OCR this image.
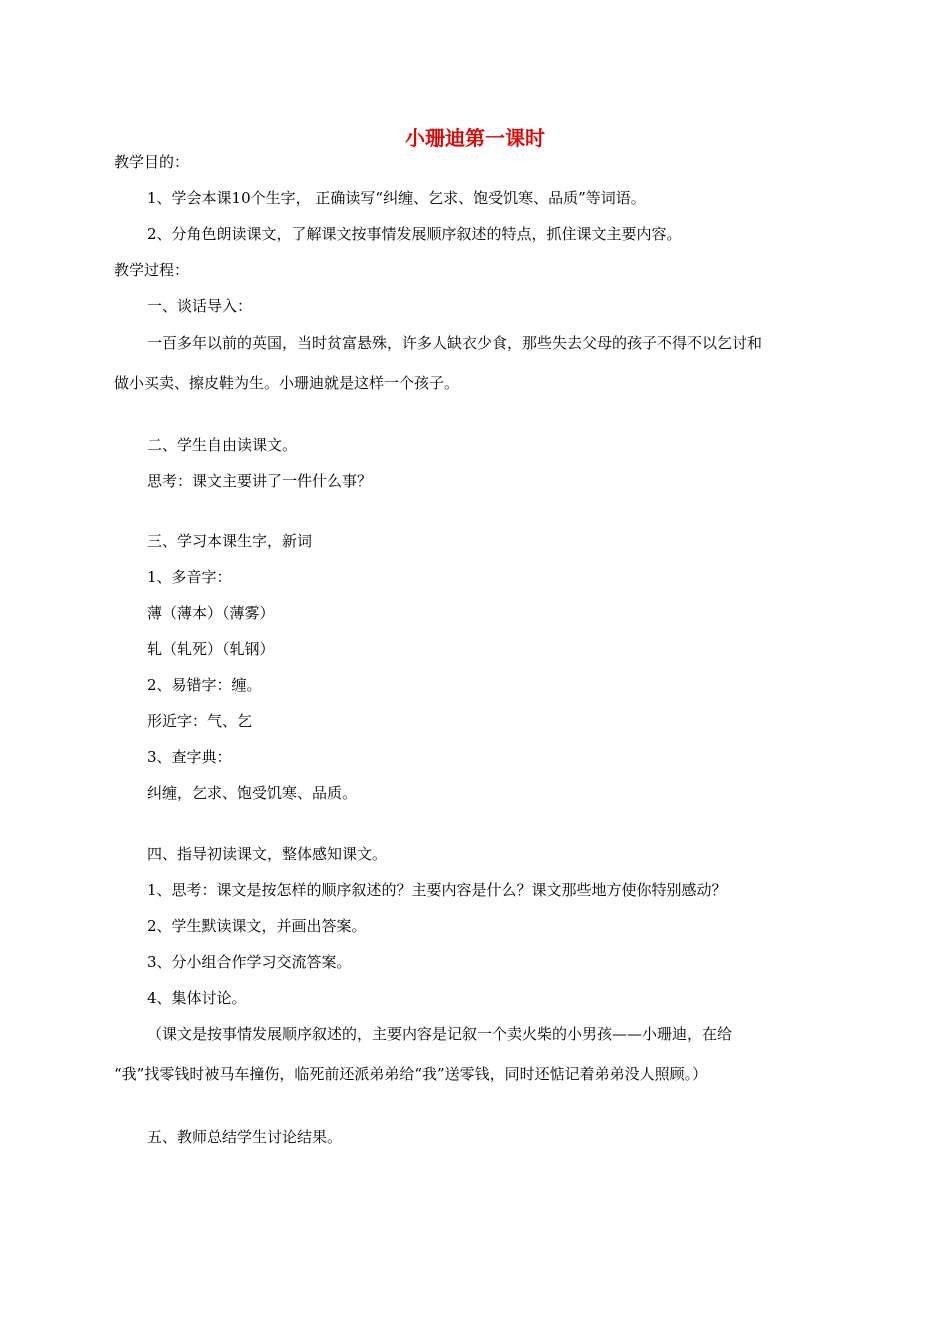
小珊迪第一课时

教学目的：

1、学会本课10个生字， 正确读写“纠缠、乞求、饱受饥寒、品质”等词语。

2、分角色朗读课文，了解课文按事情发展顺序叙述的特点，抓住课文主要内容。

教学过程：

一、谈话导入：

一百多年以前的英国，当时贫富悬殊，许多人缺衣少食，那些失去父母的孩子不得不以乞讨和

做小买卖、擦皮鞋为生。小珊迪就是这样一个孩子。

二、学生自由读课文。

思考：课文主要讲了一件什么事？

三、学习本课生字，新词

1、多音字：

薄（薄本）（薄雾）

轧（轧死）（轧钢）

2、易错字：缠。

形近字：气、乞

3、查字典：

纠缠，乞求、饱受饥寒、品质。

四、指导初读课文，整体感知课文。

1、思考：课文是按怎样的顺序叙述的？主要内容是什么？课文那些地方使你特别感动？

2、学生默读课文，并画出答案。

3、分小组合作学习交流答案。

4、集体讨论。

（课文是按事情发展顺序叙述的，主要内容是记叙一个卖火柴的小男孩——小珊迪，在给

“我”找零钱时被马车撞伤，临死前还派弟弟给“我”送零钱，同时还惦记着弟弟没人照顾。）

五、教师总结学生讨论结果。
